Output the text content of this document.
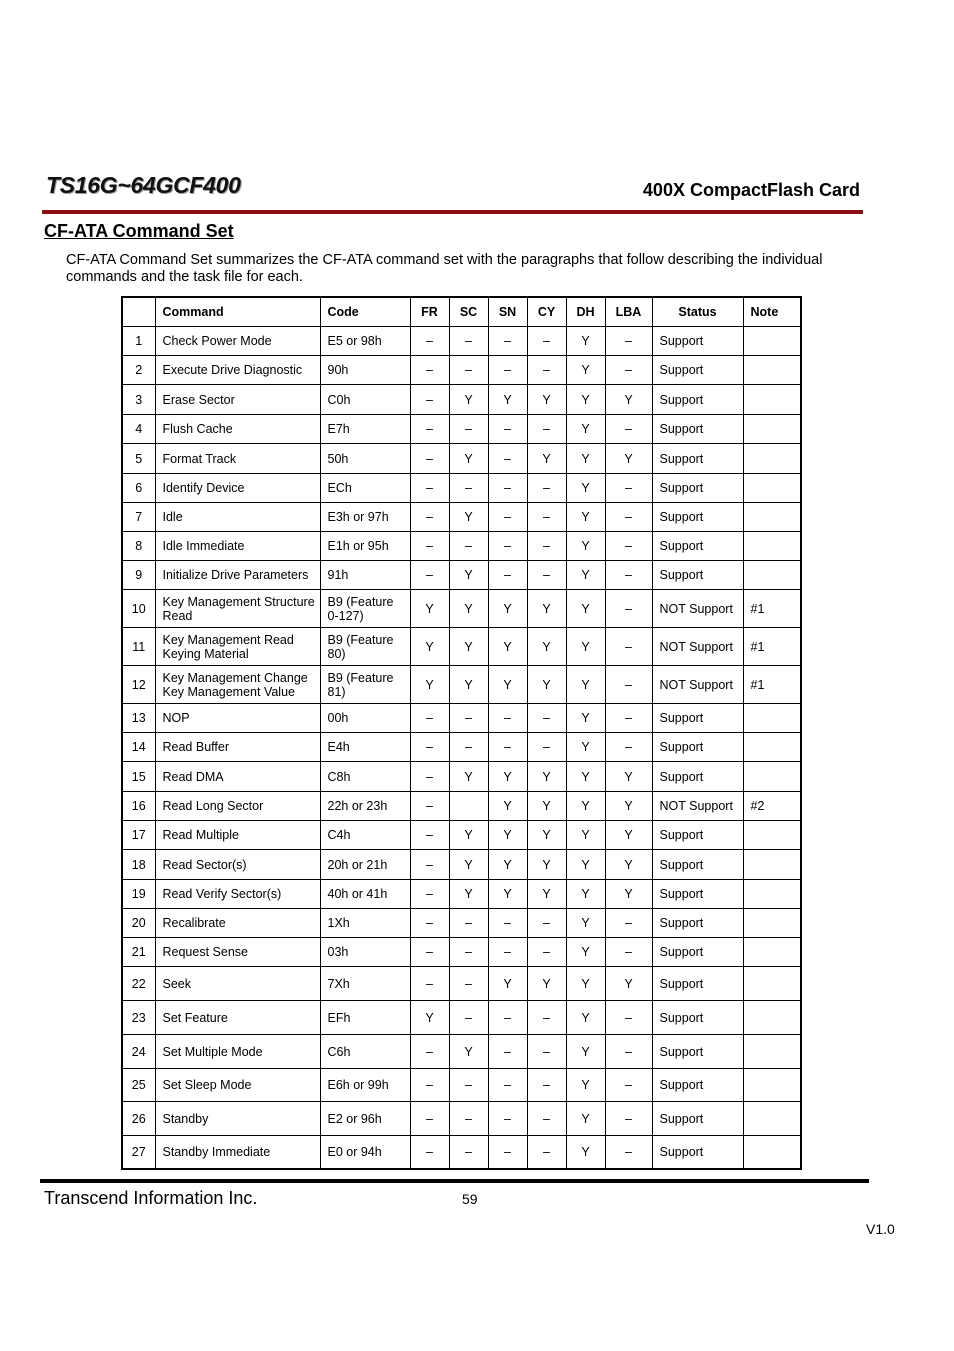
TS16G~64GCF400	400X CompactFlash Card
CF-ATA Command Set
CF-ATA Command Set summarizes the CF-ATA command set with the paragraphs that follow describing the individual commands and the task file for each.
	Command	Code	FR	SC	SN	CY	DH	LBA	Status	Note
1	Check Power Mode	E5 or 98h	–	–	–	–	Y	–	Support	
2	Execute Drive Diagnostic	90h	–	–	–	–	Y	–	Support	
3	Erase Sector	C0h	–	Y	Y	Y	Y	Y	Support	
4	Flush Cache	E7h	–	–	–	–	Y	–	Support	
5	Format Track	50h	–	Y	–	Y	Y	Y	Support	
6	Identify Device	ECh	–	–	–	–	Y	–	Support	
7	Idle	E3h or 97h	–	Y	–	–	Y	–	Support	
8	Idle Immediate	E1h or 95h	–	–	–	–	Y	–	Support	
9	Initialize Drive Parameters	91h	–	Y	–	–	Y	–	Support	
10	Key Management Structure Read	B9 (Feature 0-127)	Y	Y	Y	Y	Y	–	NOT Support	#1
11	Key Management Read Keying Material	B9 (Feature 80)	Y	Y	Y	Y	Y	–	NOT Support	#1
12	Key Management Change Key Management Value	B9 (Feature 81)	Y	Y	Y	Y	Y	–	NOT Support	#1
13	NOP	00h	–	–	–	–	Y	–	Support	
14	Read Buffer	E4h	–	–	–	–	Y	–	Support	
15	Read DMA	C8h	–	Y	Y	Y	Y	Y	Support	
16	Read Long Sector	22h or 23h	–		Y	Y	Y	Y	NOT Support	#2
17	Read Multiple	C4h	–	Y	Y	Y	Y	Y	Support	
18	Read Sector(s)	20h or 21h	–	Y	Y	Y	Y	Y	Support	
19	Read Verify Sector(s)	40h or 41h	–	Y	Y	Y	Y	Y	Support	
20	Recalibrate	1Xh	–	–	–	–	Y	–	Support	
21	Request Sense	03h	–	–	–	–	Y	–	Support	
22	Seek	7Xh	–	–	Y	Y	Y	Y	Support	
23	Set Feature	EFh	Y	–	–	–	Y	–	Support	
24	Set Multiple Mode	C6h	–	Y	–	–	Y	–	Support	
25	Set Sleep Mode	E6h or 99h	–	–	–	–	Y	–	Support	
26	Standby	E2 or 96h	–	–	–	–	Y	–	Support	
27	Standby Immediate	E0 or 94h	–	–	–	–	Y	–	Support	
Transcend Information Inc.	59
V1.0
